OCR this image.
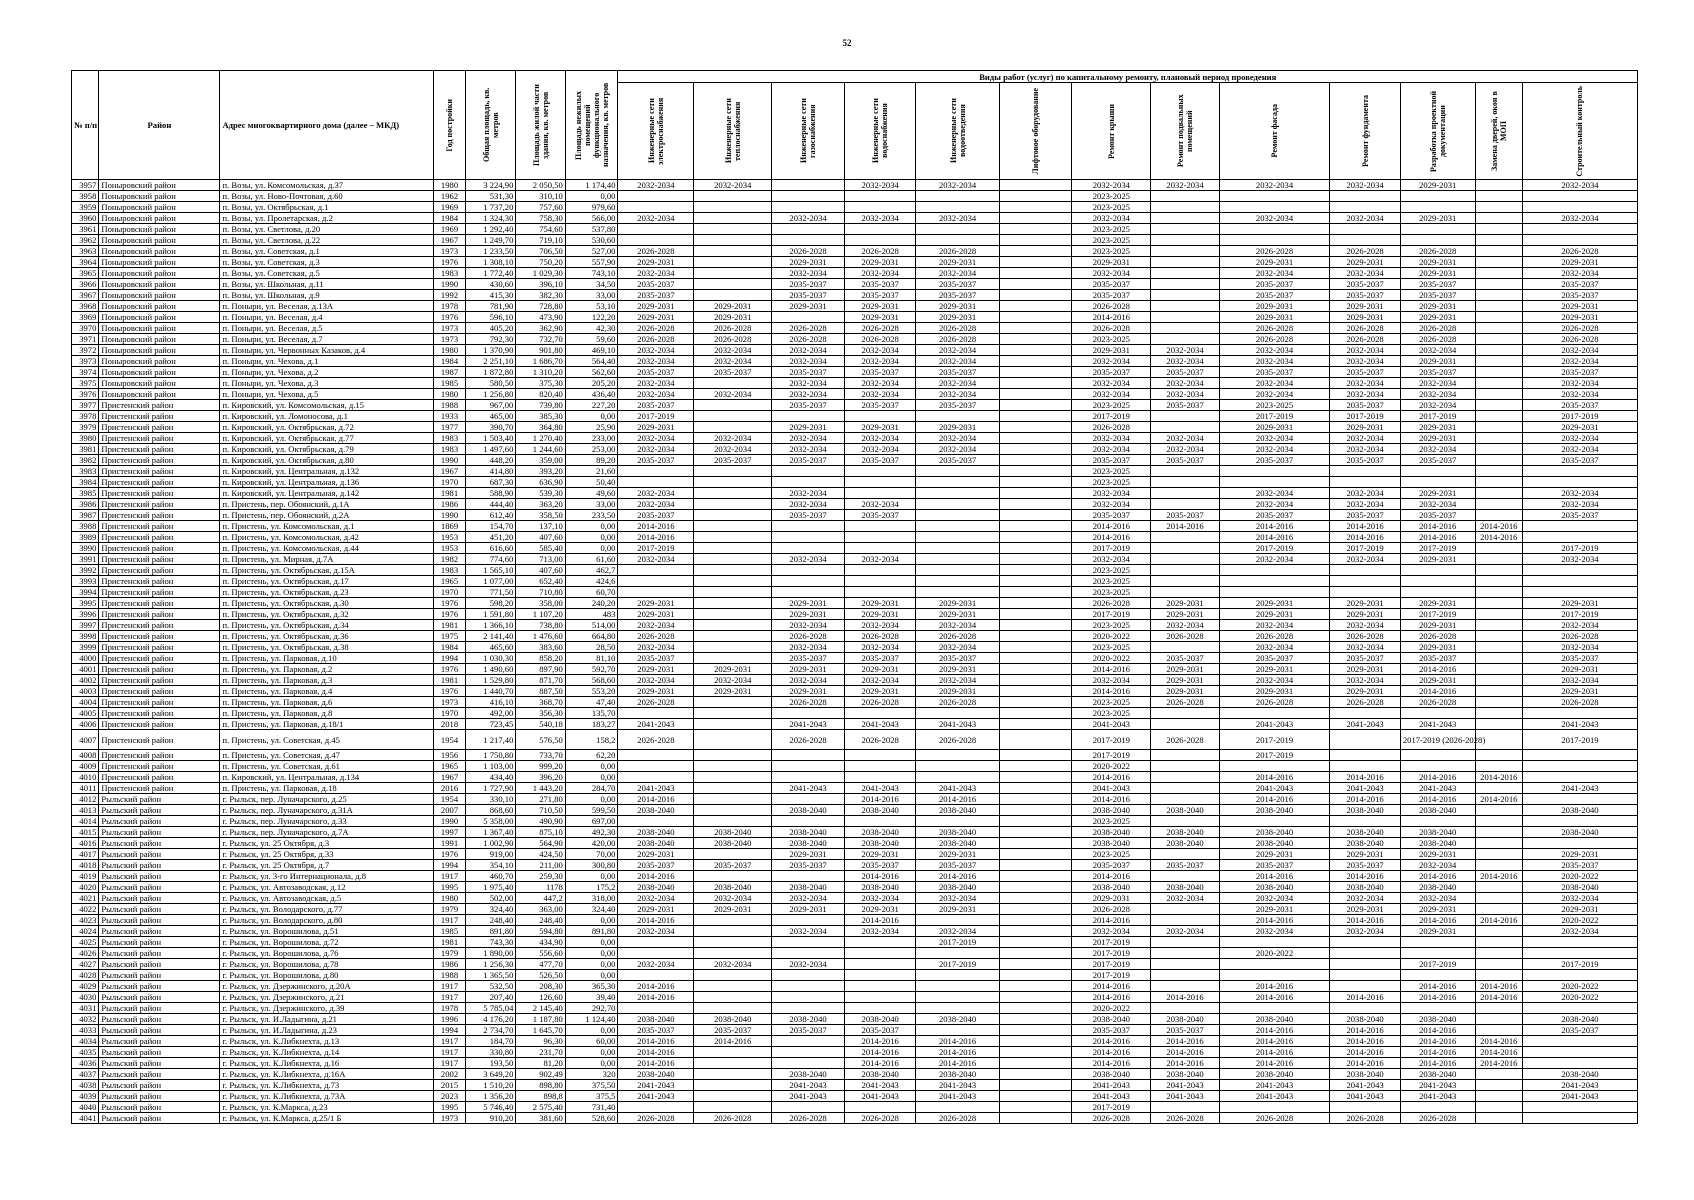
52
№ п/п	Район	Адрес многоквартирного дома (далее – МКД)	Год постройки	Общая площадь, кв. метров	Площадь жилой части здания, кв. метров	Площадь нежилых помещений функционального назначения, кв. метров	Виды работ (услуг) по капитальному ремонту, плановый период проведения												

							Инженерные сети электроснабжения	Инженерные сети теплоснабжения	Инженерные сети газоснабжения	Инженерные сети водоснабжения	Инженерные сети водоотведения	Лифтовое оборудование	Ремонт крыши	Ремонт подвальных помещений	Ремонт фасада	Ремонт фундамента	Разработка проектной документации	Замена дверей, окон в МОП	Строительный контроль

3957	Поныровский район	п. Возы, ул. Комсомольская, д.37	1980	3 224,90	2 050,50	1 174,40	2032-2034	2032-2034		2032-2034	2032-2034		2032-2034	2032-2034	2032-2034	2032-2034	2029-2031		2032-2034
3958	Поныровский район	п. Возы, ул. Ново-Почтовая, д.60	1962	531,30	310,10	0,00							2023-2025						
3959	Поныровский район	п. Возы, ул. Октябрьская, д.1	1969	1 737,20	757,60	979,60							2023-2025						
3960	Поныровский район	п. Возы, ул. Пролетарская, д.2	1984	1 324,30	758,30	566,00	2032-2034		2032-2034	2032-2034	2032-2034		2032-2034		2032-2034	2032-2034	2029-2031		2032-2034
3961	Поныровский район	п. Возы, ул. Светлова, д.20	1969	1 292,40	754,60	537,80							2023-2025						
3962	Поныровский район	п. Возы, ул. Светлова, д.22	1967	1 249,70	719,10	530,60							2023-2025						
3963	Поныровский район	п. Возы, ул. Советская, д.1	1973	1 233,50	706,50	527,00	2026-2028		2026-2028	2026-2028	2026-2028		2023-2025		2026-2028	2026-2028	2026-2028		2026-2028
3964	Поныровский район	п. Возы, ул. Советская, д.3	1976	1 308,10	750,20	557,90	2029-2031		2029-2031	2029-2031	2029-2031		2029-2031		2029-2031	2029-2031	2029-2031		2029-2031
3965	Поныровский район	п. Возы, ул. Советская, д.5	1983	1 772,40	1 029,30	743,10	2032-2034		2032-2034	2032-2034	2032-2034		2032-2034		2032-2034	2032-2034	2029-2031		2032-2034
3966	Поныровский район	п. Возы, ул. Школьная, д.11	1990	430,60	396,10	34,50	2035-2037		2035-2037	2035-2037	2035-2037		2035-2037		2035-2037	2035-2037	2035-2037		2035-2037
3967	Поныровский район	п. Возы, ул. Школьная, д.9	1992	415,30	382,30	33,00	2035-2037		2035-2037	2035-2037	2035-2037		2035-2037		2035-2037	2035-2037	2035-2037		2035-2037
3968	Поныровский район	п. Поныри, ул. Веселая, д.13А	1978	781,90	728,80	53,10	2029-2031	2029-2031	2029-2031	2029-2031	2029-2031		2026-2028		2029-2031	2029-2031	2029-2031		2029-2031
3969	Поныровский район	п. Поныри, ул. Веселая, д.4	1976	596,10	473,90	122,20	2029-2031	2029-2031		2029-2031	2029-2031		2014-2016		2029-2031	2029-2031	2029-2031		2029-2031
3970	Поныровский район	п. Поныри, ул. Веселая, д.5	1973	405,20	362,90	42,30	2026-2028	2026-2028	2026-2028	2026-2028	2026-2028		2026-2028		2026-2028	2026-2028	2026-2028		2026-2028
3971	Поныровский район	п. Поныри, ул. Веселая, д.7	1973	792,30	732,70	59,60	2026-2028	2026-2028	2026-2028	2026-2028	2026-2028		2023-2025		2026-2028	2026-2028	2026-2028		2026-2028
3972	Поныровский район	п. Поныри, ул. Червонных Казаков, д.4	1980	1 370,90	901,80	469,10	2032-2034	2032-2034	2032-2034	2032-2034	2032-2034		2029-2031	2032-2034	2032-2034	2032-2034	2032-2034		2032-2034
3973	Поныровский район	п. Поныри, ул. Чехова, д.1	1984	2 251,10	1 686,70	564,40	2032-2034	2032-2034	2032-2034	2032-2034	2032-2034		2032-2034	2032-2034	2032-2034	2032-2034	2029-2031		2032-2034
3974	Поныровский район	п. Поныри, ул. Чехова, д.2	1987	1 872,80	1 310,20	562,60	2035-2037	2035-2037	2035-2037	2035-2037	2035-2037		2035-2037	2035-2037	2035-2037	2035-2037	2035-2037		2035-2037
3975	Поныровский район	п. Поныри, ул. Чехова, д.3	1985	580,50	375,30	205,20	2032-2034		2032-2034	2032-2034	2032-2034		2032-2034	2032-2034	2032-2034	2032-2034	2032-2034		2032-2034
3976	Поныровский район	п. Поныри, ул. Чехова, д.5	1980	1 256,80	820,40	436,40	2032-2034	2032-2034	2032-2034	2032-2034	2032-2034		2032-2034	2032-2034	2032-2034	2032-2034	2032-2034		2032-2034
3977	Пристенский район	п. Кировский, ул. Комсомольская, д.15	1988	967,00	739,80	227,20	2035-2037		2035-2037	2035-2037	2035-2037		2023-2025	2035-2037	2023-2025	2035-2037	2032-2034		2035-2037
3978	Пристенский район	п. Кировский, ул. Ломоносова, д.1	1933	465,00	385,30	0,00	2017-2019						2017-2019		2017-2019	2017-2019	2017-2019		2017-2019
3979	Пристенский район	п. Кировский, ул. Октябрьская, д.72	1977	390,70	364,80	25,90	2029-2031		2029-2031	2029-2031	2029-2031		2026-2028		2029-2031	2029-2031	2029-2031		2029-2031
3980	Пристенский район	п. Кировский, ул. Октябрьская, д.77	1983	1 503,40	1 270,40	233,00	2032-2034	2032-2034	2032-2034	2032-2034	2032-2034		2032-2034	2032-2034	2032-2034	2032-2034	2029-2031		2032-2034
3981	Пристенский район	п. Кировский, ул. Октябрьская, д.79	1983	1 497,60	1 244,60	253,00	2032-2034	2032-2034	2032-2034	2032-2034	2032-2034		2032-2034	2032-2034	2032-2034	2032-2034	2032-2034		2032-2034
3982	Пристенский район	п. Кировский, ул. Октябрьская, д.80	1990	448,20	359,00	89,20	2035-2037	2035-2037	2035-2037	2035-2037	2035-2037		2035-2037	2035-2037	2035-2037	2035-2037	2035-2037		2035-2037
3983	Пристенский район	п. Кировский, ул. Центральная, д.132	1967	414,80	393,20	21,60							2023-2025						
3984	Пристенский район	п. Кировский, ул. Центральная, д.136	1970	687,30	636,90	50,40							2023-2025						
3985	Пристенский район	п. Кировский, ул. Центральная, д.142	1981	588,90	539,30	49,60	2032-2034		2032-2034				2032-2034		2032-2034	2032-2034	2029-2031		2032-2034
3986	Пристенский район	п. Пристень, пер. Обоянский, д.1А	1986	444,40	363,20	33,00	2032-2034		2032-2034	2032-2034			2032-2034		2032-2034	2032-2034	2032-2034		2032-2034
3987	Пристенский район	п. Пристень, пер. Обоянский, д.2А	1990	612,40	358,50	233,50	2035-2037		2035-2037	2035-2037			2035-2037	2035-2037	2035-2037	2035-2037	2035-2037		2035-2037
3988	Пристенский район	п. Пристень, ул. Комсомольская, д.1	1869	154,70	137,10	0,00	2014-2016						2014-2016	2014-2016	2014-2016	2014-2016	2014-2016	2014-2016	
3989	Пристенский район	п. Пристень, ул. Комсомольская, д.42	1953	451,20	407,60	0,00	2014-2016						2014-2016		2014-2016	2014-2016	2014-2016	2014-2016	
3990	Пристенский район	п. Пристень, ул. Комсомольская, д.44	1953	616,60	585,40	0,00	2017-2019						2017-2019		2017-2019	2017-2019	2017-2019		2017-2019
3991	Пристенский район	п. Пристень, ул. Мирная, д.7А	1982	774,60	713,00	61,60	2032-2034		2032-2034	2032-2034			2032-2034		2032-2034	2032-2034	2029-2031		2032-2034
3992	Пристенский район	п. Пристень, ул. Октябрьская, д.15А	1983	1 565,10	407,60	462,7							2023-2025						
3993	Пристенский район	п. Пристень, ул. Октябрьская, д.17	1965	1 077,00	652,40	424,6							2023-2025						
3994	Пристенский район	п. Пристень, ул. Октябрьская, д.23	1970	771,50	710,80	60,70							2023-2025						
3995	Пристенский район	п. Пристень, ул. Октябрьская, д.30	1976	598,20	358,00	240,20	2029-2031		2029-2031	2029-2031	2029-2031		2026-2028	2029-2031	2029-2031	2029-2031	2029-2031		2029-2031
3996	Пристенский район	п. Пристень, ул. Октябрьская, д.32	1976	1 591,80	1 107,20	483	2029-2031		2029-2031	2029-2031	2029-2031		2017-2019	2029-2031	2029-2031	2029-2031	2017-2019		2017-2019
3997	Пристенский район	п. Пристень, ул. Октябрьская, д.34	1981	1 366,10	738,80	514,00	2032-2034		2032-2034	2032-2034	2032-2034		2023-2025	2032-2034	2032-2034	2032-2034	2029-2031		2032-2034
3998	Пристенский район	п. Пристень, ул. Октябрьская, д.36	1975	2 141,40	1 476,60	664,80	2026-2028		2026-2028	2026-2028	2026-2028		2020-2022	2026-2028	2026-2028	2026-2028	2026-2028		2026-2028
3999	Пристенский район	п. Пристень, ул. Октябрьская, д.38	1984	465,60	383,60	28,50	2032-2034		2032-2034	2032-2034	2032-2034		2023-2025		2032-2034	2032-2034	2029-2031		2032-2034
4000	Пристенский район	п. Пристень, ул. Парковая, д.10	1994	1 030,30	858,20	81,10	2035-2037		2035-2037	2035-2037	2035-2037		2020-2022	2035-2037	2035-2037	2035-2037	2035-2037		2035-2037
4001	Пристенский район	п. Пристень, ул. Парковая, д.2	1976	1 490,60	897,90	592,70	2029-2031	2029-2031	2029-2031	2029-2031	2029-2031		2014-2016	2029-2031	2029-2031	2029-2031	2014-2016		2029-2031
4002	Пристенский район	п. Пристень, ул. Парковая, д.3	1981	1 529,80	871,70	568,60	2032-2034	2032-2034	2032-2034	2032-2034	2032-2034		2032-2034	2029-2031	2032-2034	2032-2034	2029-2031		2032-2034
4003	Пристенский район	п. Пристень, ул. Парковая, д.4	1976	1 440,70	887,50	553,20	2029-2031	2029-2031	2029-2031	2029-2031	2029-2031		2014-2016	2029-2031	2029-2031	2029-2031	2014-2016		2029-2031
4004	Пристенский район	п. Пристень, ул. Парковая, д.6	1973	416,10	368,70	47,40	2026-2028		2026-2028	2026-2028	2026-2028		2023-2025	2026-2028	2026-2028	2026-2028	2026-2028		2026-2028
4005	Пристенский район	п. Пристень, ул. Парковая, д.8	1970	492,00	356,30	135,70							2023-2025						
4006	Пристенский район	п. Пристень, ул. Парковая, д.18/1	2018	723,45	540,18	183,27	2041-2043		2041-2043	2041-2043	2041-2043		2041-2043		2041-2043	2041-2043	2041-2043		2041-2043
4007	Пристенский район	п. Пристень, ул. Советская, д.45	1954	1 217,40	576,50	158,2	2026-2028		2026-2028	2026-2028	2026-2028		2017-2019	2026-2028	2017-2019		2017-2019 (2026-2028)		2017-2019
4008	Пристенский район	п. Пристень, ул. Советская, д.47	1956	1 750,80	733,70	62,20							2017-2019		2017-2019				
4009	Пристенский район	п. Пристень, ул. Советская, д.61	1965	1 103,00	999,20	0,00							2020-2022						
4010	Пристенский район	п. Кировский, ул. Центральная, д.134	1967	434,40	396,20	0,00							2014-2016		2014-2016	2014-2016	2014-2016	2014-2016	
4011	Пристенский район	п. Пристень, ул. Парковая, д.18	2016	1 727,90	1 443,20	284,70	2041-2043		2041-2043	2041-2043	2041-2043		2041-2043		2041-2043	2041-2043	2041-2043		2041-2043
4012	Рыльский район	г. Рыльск, пер. Луначарского, д.25	1954	330,10	271,80	0,00	2014-2016			2014-2016	2014-2016		2014-2016		2014-2016	2014-2016	2014-2016	2014-2016	
4013	Рыльский район	г. Рыльск, пер. Луначарского, д.31А	2007	868,60	710,50	599,50	2038-2040		2038-2040	2038-2040	2038-2040		2038-2040	2038-2040	2038-2040	2038-2040	2038-2040		2038-2040
4014	Рыльский район	г. Рыльск, пер. Луначарского, д.33	1990	5 358,00	490,90	697,00							2023-2025						
4015	Рыльский район	г. Рыльск, пер. Луначарского, д.7А	1997	1 367,40	875,10	492,30	2038-2040	2038-2040	2038-2040	2038-2040	2038-2040		2038-2040	2038-2040	2038-2040	2038-2040	2038-2040		2038-2040
4016	Рыльский район	г. Рыльск, ул. 25 Октября, д.3	1991	1 002,90	564,90	420,00	2038-2040	2038-2040	2038-2040	2038-2040	2038-2040		2038-2040	2038-2040	2038-2040	2038-2040	2038-2040		
4017	Рыльский район	г. Рыльск, ул. 25 Октября, д.33	1976	919,00	424,50	70,00	2029-2031		2029-2031	2029-2031	2029-2031		2023-2025		2029-2031	2029-2031	2029-2031		2029-2031
4018	Рыльский район	г. Рыльск, ул. 25 Октября, д.7	1994	354,10	211,00	300,80	2035-2037	2035-2037	2035-2037	2035-2037	2035-2037		2035-2037	2035-2037	2035-2037	2035-2037	2032-2034		2035-2037
4019	Рыльский район	г. Рыльск, ул. 3-го Интернационала, д.8	1917	460,70	259,30	0,00	2014-2016			2014-2016	2014-2016		2014-2016		2014-2016	2014-2016	2014-2016	2014-2016	2020-2022
4020	Рыльский район	г. Рыльск, ул. Автозаводская, д.12	1995	1 975,40	1178	175,2	2038-2040	2038-2040	2038-2040	2038-2040	2038-2040		2038-2040	2038-2040	2038-2040	2038-2040	2038-2040		2038-2040
4021	Рыльский район	г. Рыльск, ул. Автозаводская, д.5	1980	502,00	447,2	318,00	2032-2034	2032-2034	2032-2034	2032-2034	2032-2034		2029-2031	2032-2034	2032-2034	2032-2034	2032-2034		2032-2034
4022	Рыльский район	г. Рыльск, ул. Володарского, д.77	1979	324,40	363,00	324,40	2029-2031	2029-2031	2029-2031	2029-2031	2029-2031		2026-2028		2029-2031	2029-2031	2029-2031		2029-2031
4023	Рыльский район	г. Рыльск, ул. Володарского, д.80	1917	248,40	248,40	0,00	2014-2016			2014-2016			2014-2016		2014-2016	2014-2016	2014-2016	2014-2016	2020-2022
4024	Рыльский район	г. Рыльск, ул. Ворошилова, д.51	1985	891,80	594,80	891,80	2032-2034		2032-2034	2032-2034	2032-2034		2032-2034	2032-2034	2032-2034	2032-2034	2029-2031		2032-2034
4025	Рыльский район	г. Рыльск, ул. Ворошилова, д.72	1981	743,30	434,90	0,00					2017-2019		2017-2019						
4026	Рыльский район	г. Рыльск, ул. Ворошилова, д.76	1979	1 890,00	556,60	0,00							2017-2019		2020-2022				
4027	Рыльский район	г. Рыльск, ул. Ворошилова, д.78	1986	1 256,30	477,70	0,00	2032-2034	2032-2034	2032-2034		2017-2019		2017-2019				2017-2019		2017-2019
4028	Рыльский район	г. Рыльск, ул. Ворошилова, д.80	1988	1 365,50	526,50	0,00							2017-2019						
4029	Рыльский район	г. Рыльск, ул. Дзержинского, д.20А	1917	532,50	208,30	365,30	2014-2016						2014-2016		2014-2016		2014-2016	2014-2016	2020-2022
4030	Рыльский район	г. Рыльск, ул. Дзержинского, д.21	1917	207,40	126,60	39,40	2014-2016						2014-2016	2014-2016	2014-2016	2014-2016	2014-2016	2014-2016	2020-2022
4031	Рыльский район	г. Рыльск, ул. Дзержинского, д.39	1978	5 785,04	2 145,40	292,70							2020-2022						
4032	Рыльский район	г. Рыльск, ул. И.Ладыгина, д.21	1996	4 176,20	1 187,80	1 124,40	2038-2040	2038-2040	2038-2040	2038-2040	2038-2040		2038-2040	2038-2040	2038-2040	2038-2040	2038-2040		2038-2040
4033	Рыльский район	г. Рыльск, ул. И.Ладыгина, д.23	1994	2 734,70	1 645,70	0,00	2035-2037	2035-2037	2035-2037	2035-2037			2035-2037	2035-2037	2014-2016	2014-2016	2014-2016		2035-2037
4034	Рыльский район	г. Рыльск, ул. К.Либкнехта, д.13	1917	184,70	96,30	60,00	2014-2016	2014-2016		2014-2016	2014-2016		2014-2016	2014-2016	2014-2016	2014-2016	2014-2016	2014-2016	
4035	Рыльский район	г. Рыльск, ул. К.Либкнехта, д.14	1917	330,80	231,70	0,00	2014-2016			2014-2016	2014-2016		2014-2016	2014-2016	2014-2016	2014-2016	2014-2016	2014-2016	
4036	Рыльский район	г. Рыльск, ул. К.Либкнехта, д.16	1917	193,50	81,20	0,00	2014-2016			2014-2016	2014-2016		2014-2016	2014-2016	2014-2016	2014-2016	2014-2016	2014-2016	
4037	Рыльский район	г. Рыльск, ул. К.Либкнехта, д.16А	2002	3 649,20	902,49	320	2038-2040		2038-2040	2038-2040	2038-2040		2038-2040	2038-2040	2038-2040	2038-2040	2038-2040		2038-2040
4038	Рыльский район	г. Рыльск, ул. К.Либкнехта, д.73	2015	1 510,20	898,80	375,50	2041-2043		2041-2043	2041-2043	2041-2043		2041-2043	2041-2043	2041-2043	2041-2043	2041-2043		2041-2043
4039	Рыльский район	г. Рыльск, ул. К.Либкнехта, д.73А	2023	1 356,20	898,8	375,5	2041-2043		2041-2043	2041-2043	2041-2043		2041-2043	2041-2043	2041-2043	2041-2043	2041-2043		2041-2043
4040	Рыльский район	г. Рыльск, ул. К.Маркса, д.23	1995	5 746,40	2 575,40	731,40							2017-2019						
4041	Рыльский район	г. Рыльск, ул. К.Маркса, д.25/1 Б	1973	910,20	381,60	528,60	2026-2028	2026-2028	2026-2028	2026-2028	2026-2028		2026-2028	2026-2028	2026-2028	2026-2028	2026-2028		
